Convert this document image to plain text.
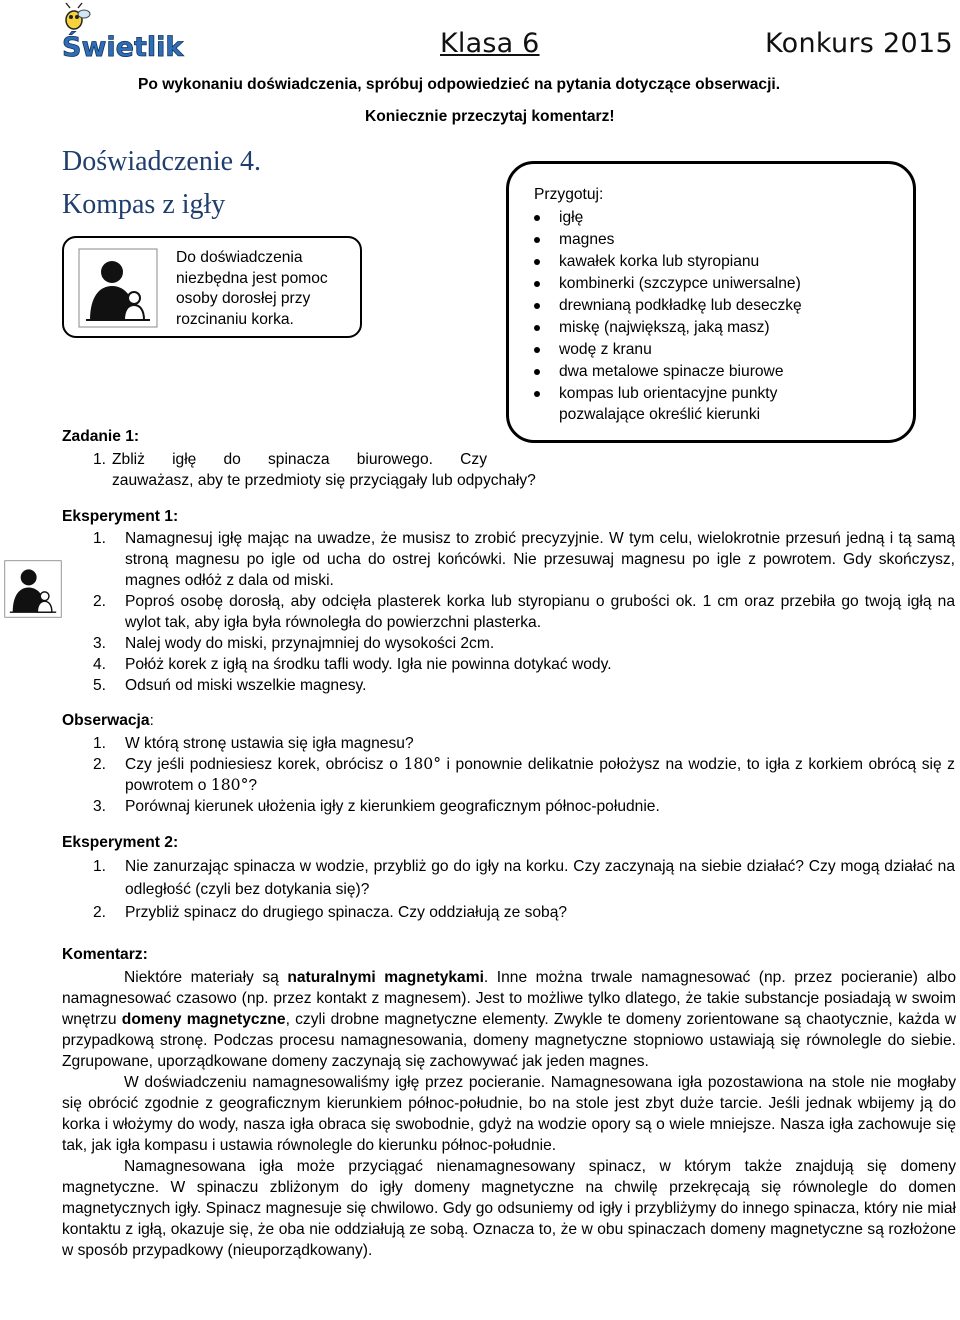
Świetlik	Klasa 6	Konkurs 2015
Po wykonaniu doświadczenia, spróbuj odpowiedzieć na pytania dotyczące obserwacji.
Koniecznie przeczytaj komentarz!
Doświadczenie 4.
Kompas z igły
Do doświadczenia niezbędna jest pomoc osoby dorosłej przy rozcinaniu korka.
Przygotuj:
igłę
magnes
kawałek korka lub styropianu
kombinerki (szczypce uniwersalne)
drewnianą podkładkę lub deseczkę
miskę (największą, jaką masz)
wodę z kranu
dwa metalowe spinacze biurowe
kompas lub orientacyjne punkty
pozwalające określić kierunki
Zadanie 1:
1. Zbliż igłę do spinacza biurowego. Czy
zauważasz, aby te przedmioty się przyciągały lub odpychały?
Eksperyment 1:
1. Namagnesuj igłę mając na uwadze, że musisz to zrobić precyzyjnie. W tym celu, wielokrotnie przesuń jedną i tą samą stroną magnesu po igle od ucha do ostrej końcówki. Nie przesuwaj magnesu po igle z powrotem. Gdy skończysz, magnes odłóż z dala od miski.
2. Poproś osobę dorosłą, aby odcięła plasterek korka lub styropianu o grubości ok. 1 cm oraz przebiła go twoją igłą na wylot tak, aby igła była równoległa do powierzchni plasterka.
3. Nalej wody do miski, przynajmniej do wysokości 2cm.
4. Połóż korek z igłą na środku tafli wody. Igła nie powinna dotykać wody.
5. Odsuń od miski wszelkie magnesy.
Obserwacja:
1. W którą stronę ustawia się igła magnesu?
2. Czy jeśli podniesiesz korek, obrócisz o 180° i ponownie delikatnie położysz na wodzie, to igła z korkiem obrócą się z powrotem o 180°?
3. Porównaj kierunek ułożenia igły z kierunkiem geograficznym północ-południe.
Eksperyment 2:
1. Nie zanurzając spinacza w wodzie, przybliż go do igły na korku. Czy zaczynają na siebie działać? Czy mogą działać na odległość (czyli bez dotykania się)?
2. Przybliż spinacz do drugiego spinacza. Czy oddziałują ze sobą?
Komentarz:

Niektóre materiały są naturalnymi magnetykami. Inne można trwale namagnesować (np. przez pocieranie) albo namagnesować czasowo (np. przez kontakt z magnesem). Jest to możliwe tylko dlatego, że takie substancje posiadają w swoim wnętrzu domeny magnetyczne, czyli drobne magnetyczne elementy. Zwykle te domeny zorientowane są chaotycznie, każda w przypadkową stronę. Podczas procesu namagnesowania, domeny magnetyczne stopniowo ustawiają się równolegle do siebie. Zgrupowane, uporządkowane domeny zaczynają się zachowywać jak jeden magnes.

W doświadczeniu namagnesowaliśmy igłę przez pocieranie. Namagnesowana igła pozostawiona na stole nie mogłaby się obrócić zgodnie z geograficznym kierunkiem północ-południe, bo na stole jest zbyt duże tarcie. Jeśli jednak wbijemy ją do korka i włożymy do wody, nasza igła obraca się swobodnie, gdyż na wodzie opory są o wiele mniejsze. Nasza igła zachowuje się tak, jak igła kompasu i ustawia równolegle do kierunku północ-południe.

Namagnesowana igła może przyciągać nienamagnesowany spinacz, w którym także znajdują się domeny magnetyczne. W spinaczu zbliżonym do igły domeny magnetyczne na chwilę przekręcają się równolegle do domen magnetycznych igły. Spinacz magnesuje się chwilowo. Gdy go odsuniemy od igły i przybliżymy do innego spinacza, który nie miał kontaktu z igłą, okazuje się, że oba nie oddziałują ze sobą. Oznacza to, że w obu spinaczach domeny magnetyczne są rozłożone w sposób przypadkowy (nieuporządkowany).
